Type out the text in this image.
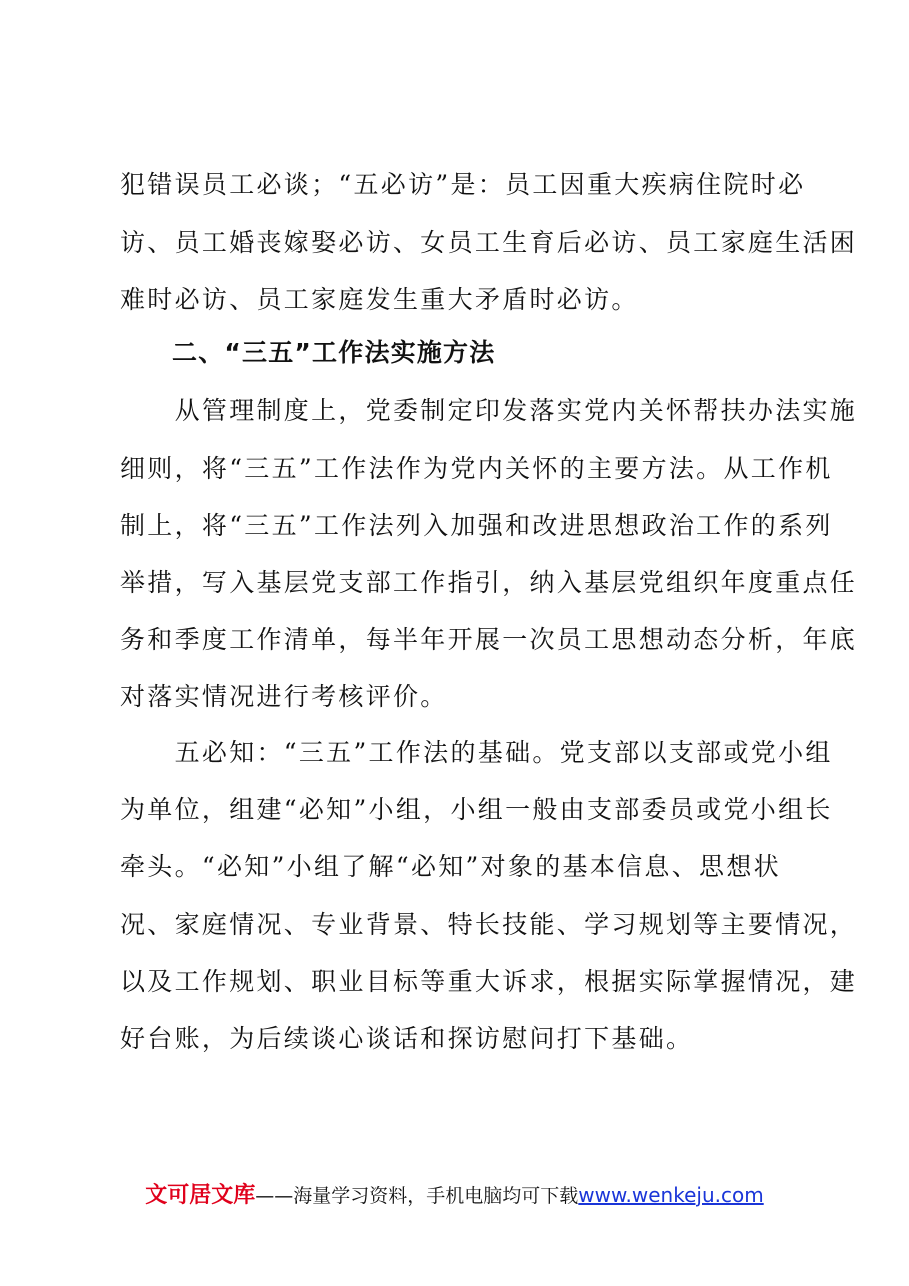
犯错误员工必谈；“五必访”是：员工因重大疾病住院时必
访、员工婚丧嫁娶必访、女员工生育后必访、员工家庭生活困
难时必访、员工家庭发生重大矛盾时必访。
二、“三五”工作法实施方法
　　从管理制度上，党委制定印发落实党内关怀帮扶办法实施
细则，将“三五”工作法作为党内关怀的主要方法。从工作机
制上，将“三五”工作法列入加强和改进思想政治工作的系列
举措，写入基层党支部工作指引，纳入基层党组织年度重点任
务和季度工作清单，每半年开展一次员工思想动态分析，年底
对落实情况进行考核评价。
　　五必知：“三五”工作法的基础。党支部以支部或党小组
为单位，组建“必知”小组，小组一般由支部委员或党小组长
牵头。“必知”小组了解“必知”对象的基本信息、思想状
况、家庭情况、专业背景、特长技能、学习规划等主要情况，
以及工作规划、职业目标等重大诉求，根据实际掌握情况，建
好台账，为后续谈心谈话和探访慰问打下基础。
文可居文库——海量学习资料，手机电脑均可下载www.wenkeju.com
